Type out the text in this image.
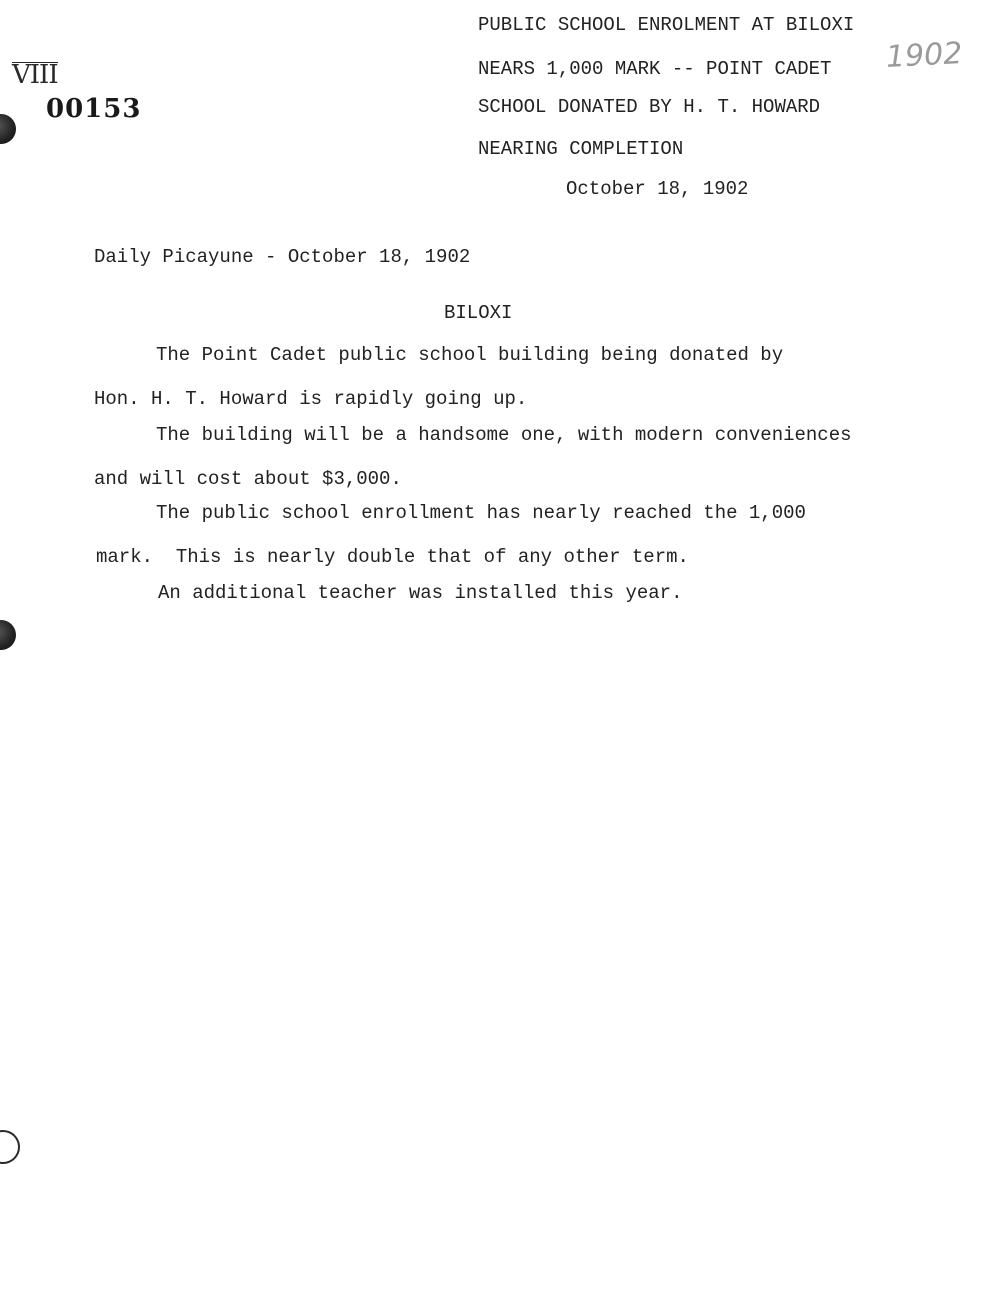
VIII
00153
1902
PUBLIC SCHOOL ENROLMENT AT BILOXI
NEARS 1,000 MARK -- POINT CADET
SCHOOL DONATED BY H. T. HOWARD
NEARING COMPLETION
October 18, 1902
Daily Picayune - October 18, 1902
BILOXI
The Point Cadet public school building being donated by
Hon. H. T. Howard is rapidly going up.
The building will be a handsome one, with modern conveniences
and will cost about $3,000.
The public school enrollment has nearly reached the 1,000
mark.  This is nearly double that of any other term.
An additional teacher was installed this year.
